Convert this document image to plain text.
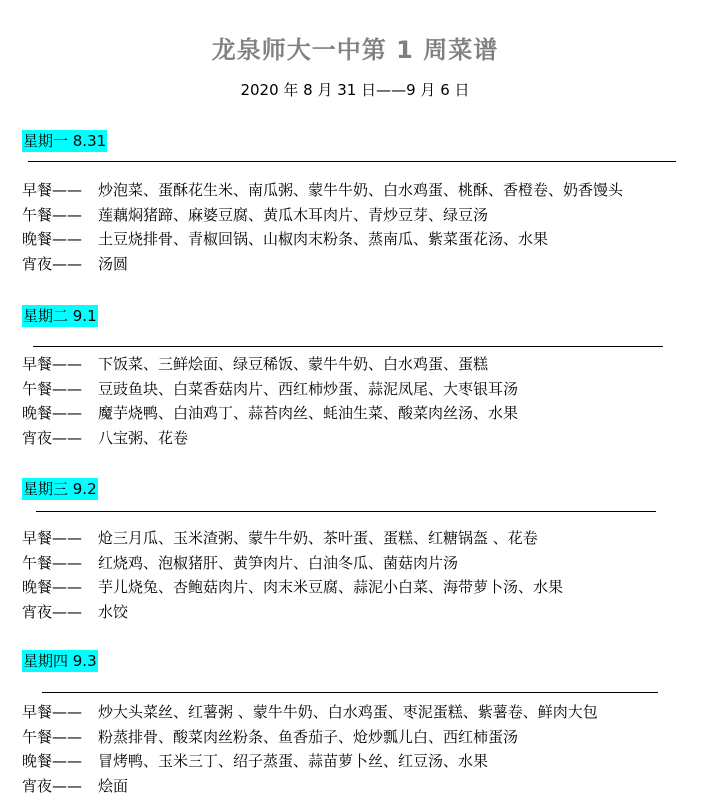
龙泉师大一中第 1 周菜谱
2020 年 8 月 31 日——9 月 6 日
星期一 8.31
早餐—— 炒泡菜、蛋酥花生米、南瓜粥、蒙牛牛奶、白水鸡蛋、桃酥、香橙卷、奶香馒头
午餐—— 莲藕焖猪蹄、麻婆豆腐、黄瓜木耳肉片、青炒豆芽、绿豆汤
晚餐—— 土豆烧排骨、青椒回锅、山椒肉末粉条、蒸南瓜、紫菜蛋花汤、水果
宵夜—— 汤圆
星期二 9.1
早餐—— 下饭菜、三鲜烩面、绿豆稀饭、蒙牛牛奶、白水鸡蛋、蛋糕
午餐—— 豆豉鱼块、白菜香菇肉片、西红柿炒蛋、蒜泥凤尾、大枣银耳汤
晚餐—— 魔芋烧鸭、白油鸡丁、蒜苔肉丝、蚝油生菜、酸菜肉丝汤、水果
宵夜—— 八宝粥、花卷
星期三 9.2
早餐—— 炝三月瓜、玉米渣粥、蒙牛牛奶、茶叶蛋、蛋糕、红糖锅盔 、花卷
午餐—— 红烧鸡、泡椒猪肝、黄笋肉片、白油冬瓜、菌菇肉片汤
晚餐—— 芋儿烧兔、杏鲍菇肉片、肉末米豆腐、蒜泥小白菜、海带萝卜汤、水果
宵夜—— 水饺
星期四 9.3
早餐—— 炒大头菜丝、红薯粥 、蒙牛牛奶、白水鸡蛋、枣泥蛋糕、紫薯卷、鲜肉大包
午餐—— 粉蒸排骨、酸菜肉丝粉条、鱼香茄子、炝炒瓢儿白、西红柿蛋汤
晚餐—— 冒烤鸭、玉米三丁、绍子蒸蛋、蒜苗萝卜丝、红豆汤、水果
宵夜—— 烩面
